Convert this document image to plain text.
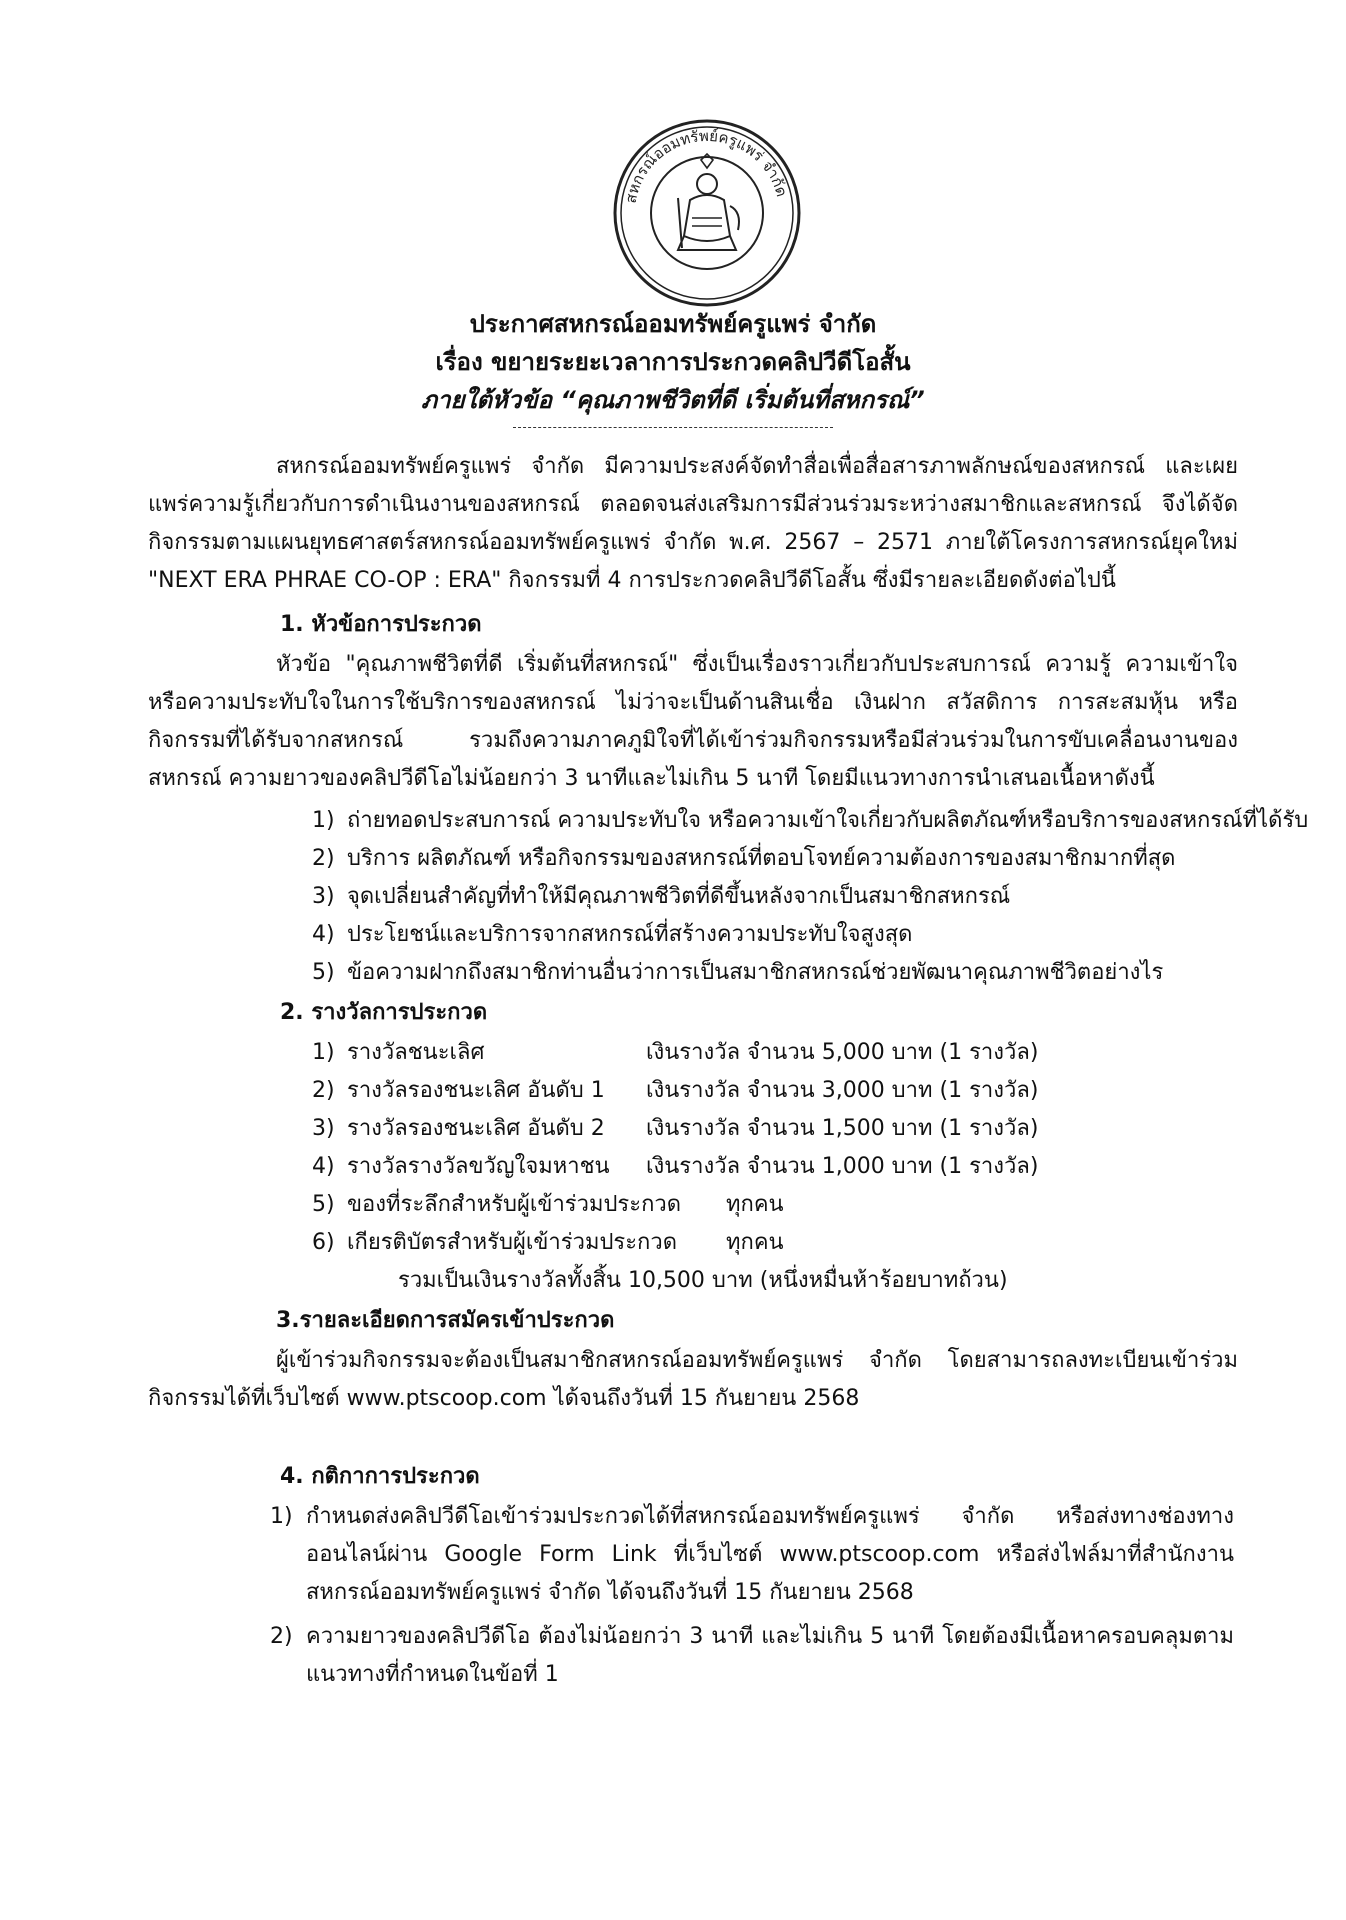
สหกรณ์ออมทรัพย์ครูแพร่ จำกัด
ประกาศสหกรณ์ออมทรัพย์ครูแพร่ จำกัด
เรื่อง ขยายระยะเวลาการประกวดคลิปวีดีโอสั้น
ภายใต้หัวข้อ “คุณภาพชีวิตที่ดี เริ่มต้นที่สหกรณ์”
สหกรณ์ออมทรัพย์ครูแพร่ จำกัด มีความประสงค์จัดทำสื่อเพื่อสื่อสารภาพลักษณ์ของสหกรณ์ และเผยแพร่ความรู้เกี่ยวกับการดำเนินงานของสหกรณ์ ตลอดจนส่งเสริมการมีส่วนร่วมระหว่างสมาชิกและสหกรณ์ จึงได้จัดกิจกรรมตามแผนยุทธศาสตร์สหกรณ์ออมทรัพย์ครูแพร่ จำกัด พ.ศ. 2567 – 2571 ภายใต้โครงการสหกรณ์ยุคใหม่ "NEXT ERA PHRAE CO-OP : ERA" กิจกรรมที่ 4 การประกวดคลิปวีดีโอสั้น ซึ่งมีรายละเอียดดังต่อไปนี้
1. หัวข้อการประกวด
หัวข้อ "คุณภาพชีวิตที่ดี เริ่มต้นที่สหกรณ์" ซึ่งเป็นเรื่องราวเกี่ยวกับประสบการณ์ ความรู้ ความเข้าใจ หรือความประทับใจในการใช้บริการของสหกรณ์ ไม่ว่าจะเป็นด้านสินเชื่อ เงินฝาก สวัสดิการ การสะสมหุ้น หรือกิจกรรมที่ได้รับจากสหกรณ์ รวมถึงความภาคภูมิใจที่ได้เข้าร่วมกิจกรรมหรือมีส่วนร่วมในการขับเคลื่อนงานของสหกรณ์ ความยาวของคลิปวีดีโอไม่น้อยกว่า 3 นาทีและไม่เกิน 5 นาที โดยมีแนวทางการนำเสนอเนื้อหาดังนี้
1) ถ่ายทอดประสบการณ์ ความประทับใจ หรือความเข้าใจเกี่ยวกับผลิตภัณฑ์หรือบริการของสหกรณ์ที่ได้รับ
2) บริการ ผลิตภัณฑ์ หรือกิจกรรมของสหกรณ์ที่ตอบโจทย์ความต้องการของสมาชิกมากที่สุด
3) จุดเปลี่ยนสำคัญที่ทำให้มีคุณภาพชีวิตที่ดีขึ้นหลังจากเป็นสมาชิกสหกรณ์
4) ประโยชน์และบริการจากสหกรณ์ที่สร้างความประทับใจสูงสุด
5) ข้อความฝากถึงสมาชิกท่านอื่นว่าการเป็นสมาชิกสหกรณ์ช่วยพัฒนาคุณภาพชีวิตอย่างไร
2. รางวัลการประกวด
1) รางวัลชนะเลิศ	เงินรางวัล จำนวน 5,000 บาท (1 รางวัล)
2) รางวัลรองชนะเลิศ อันดับ 1 เงินรางวัล จำนวน 3,000 บาท (1 รางวัล)
3) รางวัลรองชนะเลิศ อันดับ 2 เงินรางวัล จำนวน 1,500 บาท (1 รางวัล)
4) รางวัลรางวัลขวัญใจมหาชน เงินรางวัล จำนวน 1,000 บาท (1 รางวัล)
5) ของที่ระลึกสำหรับผู้เข้าร่วมประกวด ทุกคน
6) เกียรติบัตรสำหรับผู้เข้าร่วมประกวด ทุกคน
รวมเป็นเงินรางวัลทั้งสิ้น 10,500 บาท (หนึ่งหมื่นห้าร้อยบาทถ้วน)
3.รายละเอียดการสมัครเข้าประกวด
ผู้เข้าร่วมกิจกรรมจะต้องเป็นสมาชิกสหกรณ์ออมทรัพย์ครูแพร่ จำกัด โดยสามารถลงทะเบียนเข้าร่วมกิจกรรมได้ที่เว็บไซต์ www.ptscoop.com ได้จนถึงวันที่ 15 กันยายน 2568
4. กติกาการประกวด
1) กำหนดส่งคลิปวีดีโอเข้าร่วมประกวดได้ที่สหกรณ์ออมทรัพย์ครูแพร่ จำกัด หรือส่งทางช่องทางออนไลน์ผ่าน Google Form Link ที่เว็บไซต์ www.ptscoop.com หรือส่งไฟล์มาที่สำนักงานสหกรณ์ออมทรัพย์ครูแพร่ จำกัด ได้จนถึงวันที่ 15 กันยายน 2568
2) ความยาวของคลิปวีดีโอ ต้องไม่น้อยกว่า 3 นาที และไม่เกิน 5 นาที โดยต้องมีเนื้อหาครอบคลุมตามแนวทางที่กำหนดในข้อที่ 1
